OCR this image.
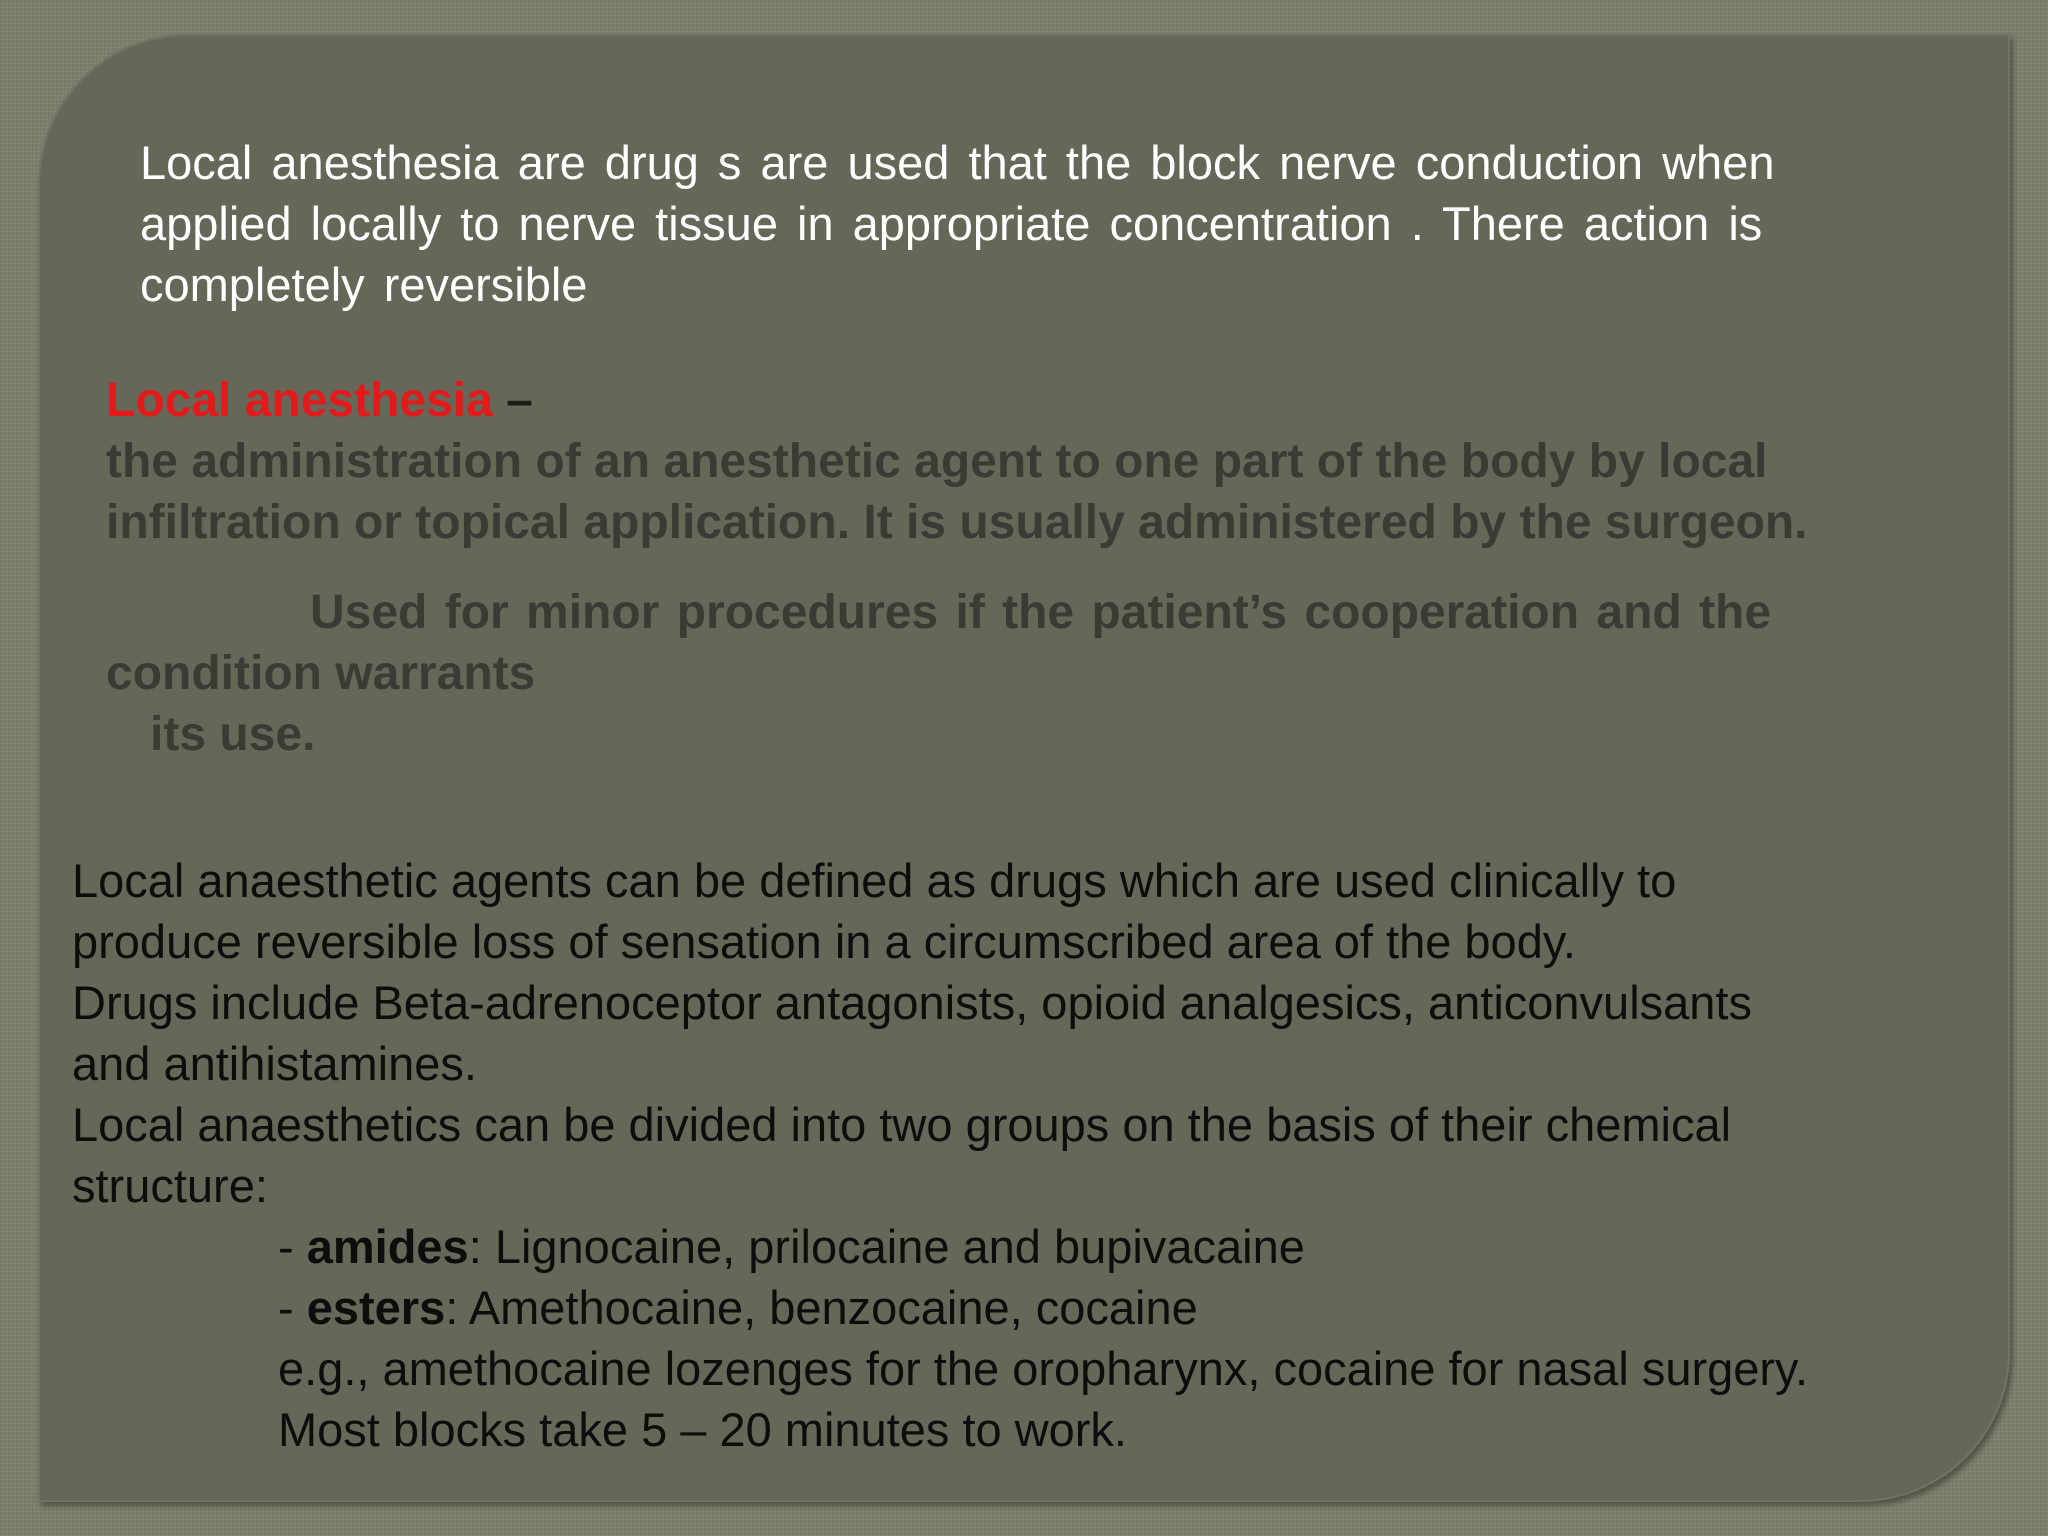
Local anesthesia are drug s are used that the block nerve conduction when
applied locally to nerve tissue in appropriate concentration . There action is
completely reversible
Local anesthesia –
the administration of an anesthetic agent to one part of the body by local
infiltration or topical application. It is usually administered by the surgeon.
Used for minor procedures if the patient’s cooperation and the
condition warrants
its use.
Local anaesthetic agents can be defined as drugs which are used clinically to
produce reversible loss of sensation in a circumscribed area of the body.
Drugs include Beta-adrenoceptor antagonists, opioid analgesics, anticonvulsants
and antihistamines.
Local anaesthetics can be divided into two groups on the basis of their chemical
structure:
- amides: Lignocaine, prilocaine and bupivacaine
- esters: Amethocaine, benzocaine, cocaine
e.g., amethocaine lozenges for the oropharynx, cocaine for nasal surgery.
Most blocks take 5 – 20 minutes to work.
